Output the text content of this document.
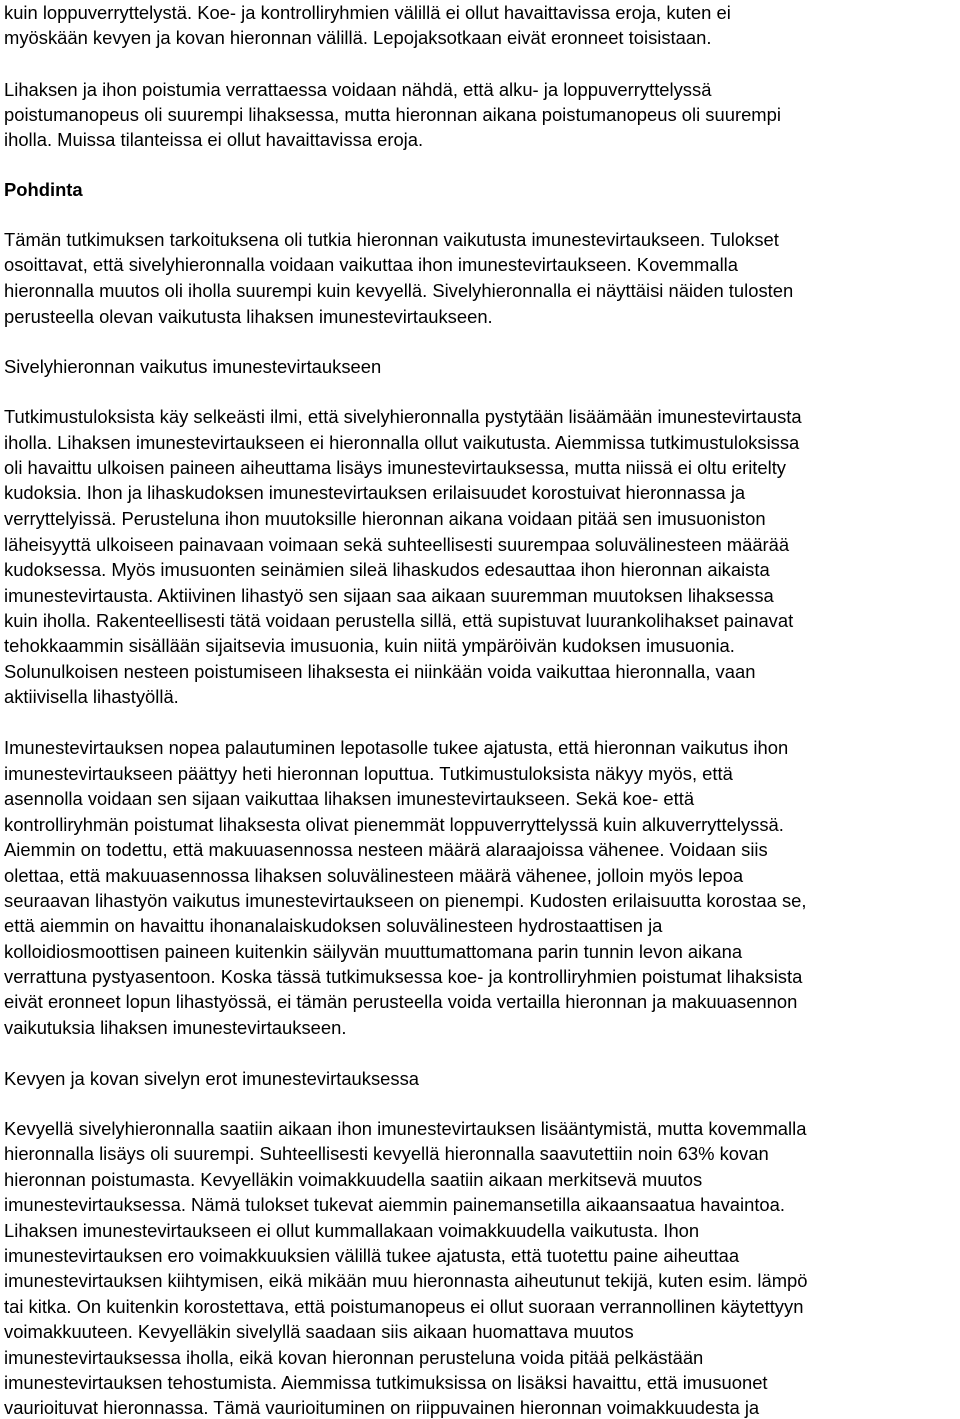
kuin loppuverryttelystä. Koe- ja kontrolliryhmien välillä ei ollut havaittavissa eroja, kuten ei
myöskään kevyen ja kovan hieronnan välillä. Lepojaksotkaan eivät eronneet toisistaan.
Lihaksen ja ihon poistumia verrattaessa voidaan nähdä, että alku- ja loppuverryttelyssä
poistumanopeus oli suurempi lihaksessa, mutta hieronnan aikana poistumanopeus oli suurempi
iholla. Muissa tilanteissa ei ollut havaittavissa eroja.
Pohdinta
Tämän tutkimuksen tarkoituksena oli tutkia hieronnan vaikutusta imunestevirtaukseen. Tulokset
osoittavat, että sivelyhieronnalla voidaan vaikuttaa ihon imunestevirtaukseen. Kovemmalla
hieronnalla muutos oli iholla suurempi kuin kevyellä. Sivelyhieronnalla ei näyttäisi näiden tulosten
perusteella olevan vaikutusta lihaksen imunestevirtaukseen.
Sivelyhieronnan vaikutus imunestevirtaukseen
Tutkimustuloksista käy selkeästi ilmi, että sivelyhieronnalla pystytään lisäämään imunestevirtausta
iholla. Lihaksen imunestevirtaukseen ei hieronnalla ollut vaikutusta. Aiemmissa tutkimustuloksissa
oli havaittu ulkoisen paineen aiheuttama lisäys imunestevirtauksessa, mutta niissä ei oltu eritelty
kudoksia. Ihon ja lihaskudoksen imunestevirtauksen erilaisuudet korostuivat hieronnassa ja
verryttelyissä. Perusteluna ihon muutoksille hieronnan aikana voidaan pitää sen imusuoniston
läheisyyttä ulkoiseen painavaan voimaan sekä suhteellisesti suurempaa soluvälinesteen määrää
kudoksessa. Myös imusuonten seinämien sileä lihaskudos edesauttaa ihon hieronnan aikaista
imunestevirtausta. Aktiivinen lihastyö sen sijaan saa aikaan suuremman muutoksen lihaksessa
kuin iholla. Rakenteellisesti tätä voidaan perustella sillä, että supistuvat luurankolihakset painavat
tehokkaammin sisällään sijaitsevia imusuonia, kuin niitä ympäröivän kudoksen imusuonia.
Solunulkoisen nesteen poistumiseen lihaksesta ei niinkään voida vaikuttaa hieronnalla, vaan
aktiivisella lihastyöllä.
Imunestevirtauksen nopea palautuminen lepotasolle tukee ajatusta, että hieronnan vaikutus ihon
imunestevirtaukseen päättyy heti hieronnan loputtua. Tutkimustuloksista näkyy myös, että
asennolla voidaan sen sijaan vaikuttaa lihaksen imunestevirtaukseen. Sekä koe- että
kontrolliryhmän poistumat lihaksesta olivat pienemmät loppuverryttelyssä kuin alkuverryttelyssä.
Aiemmin on todettu, että makuuasennossa nesteen määrä alaraajoissa vähenee. Voidaan siis
olettaa, että makuuasennossa lihaksen soluvälinesteen määrä vähenee, jolloin myös lepoa
seuraavan lihastyön vaikutus imunestevirtaukseen on pienempi. Kudosten erilaisuutta korostaa se,
että aiemmin on havaittu ihonanalaiskudoksen soluvälinesteen hydrostaattisen ja
kolloidiosmoottisen paineen kuitenkin säilyvän muuttumattomana parin tunnin levon aikana
verrattuna pystyasentoon. Koska tässä tutkimuksessa koe- ja kontrolliryhmien poistumat lihaksista
eivät eronneet lopun lihastyössä, ei tämän perusteella voida vertailla hieronnan ja makuuasennon
vaikutuksia lihaksen imunestevirtaukseen.
Kevyen ja kovan sivelyn erot imunestevirtauksessa
Kevyellä sivelyhieronnalla saatiin aikaan ihon imunestevirtauksen lisääntymistä, mutta kovemmalla
hieronnalla lisäys oli suurempi. Suhteellisesti kevyellä hieronnalla saavutettiin noin 63% kovan
hieronnan poistumasta. Kevyelläkin voimakkuudella saatiin aikaan merkitsevä muutos
imunestevirtauksessa. Nämä tulokset tukevat aiemmin painemansetilla aikaansaatua havaintoa.
Lihaksen imunestevirtaukseen ei ollut kummallakaan voimakkuudella vaikutusta. Ihon
imunestevirtauksen ero voimakkuuksien välillä tukee ajatusta, että tuotettu paine aiheuttaa
imunestevirtauksen kiihtymisen, eikä mikään muu hieronnasta aiheutunut tekijä, kuten esim. lämpö
tai kitka. On kuitenkin korostettava, että poistumanopeus ei ollut suoraan verrannollinen käytettyyn
voimakkuuteen. Kevyelläkin sivelyllä saadaan siis aikaan huomattava muutos
imunestevirtauksessa iholla, eikä kovan hieronnan perusteluna voida pitää pelkästään
imunestevirtauksen tehostumista. Aiemmissa tutkimuksissa on lisäksi havaittu, että imusuonet
vaurioituvat hieronnassa. Tämä vaurioituminen on riippuvainen hieronnan voimakkuudesta ja
